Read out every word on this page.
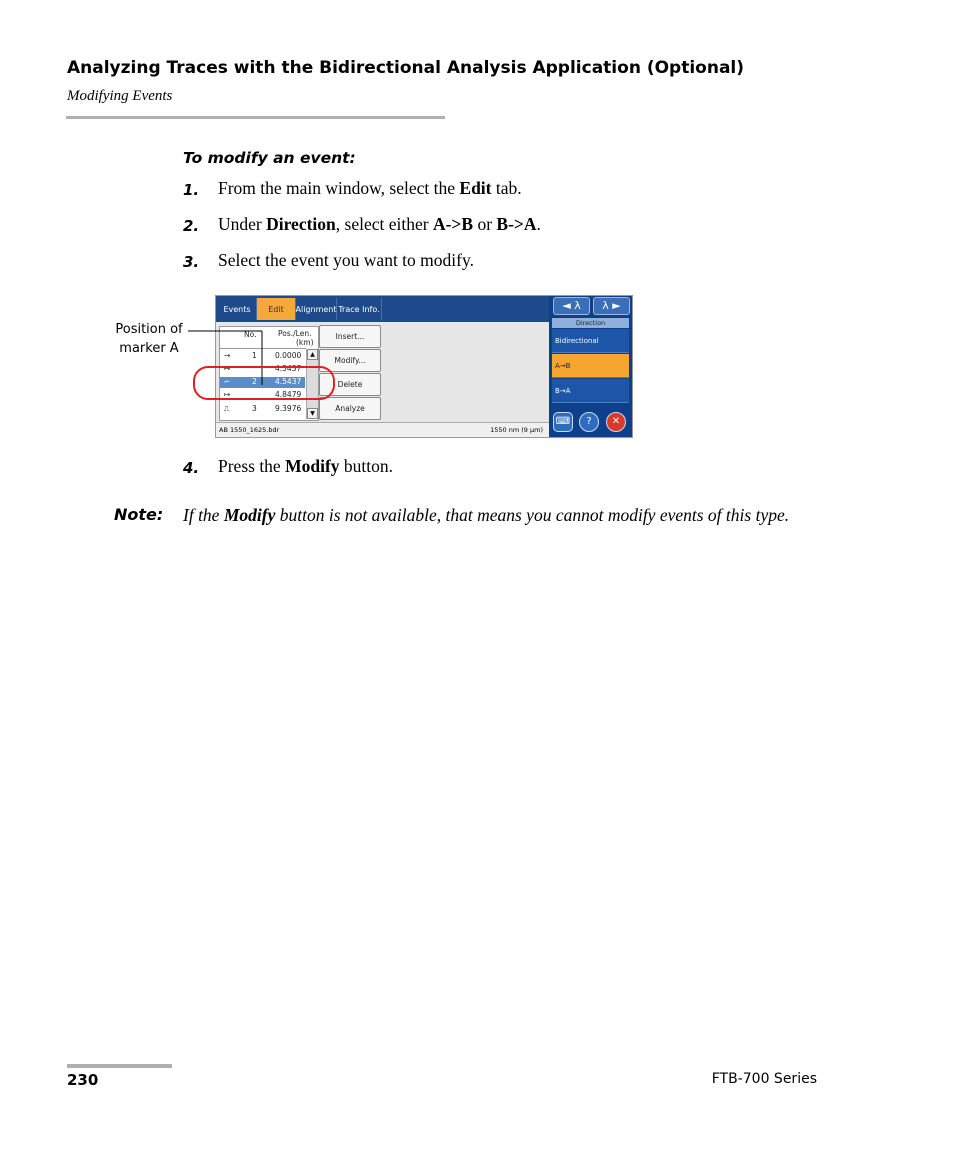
Analyzing Traces with the Bidirectional Analysis Application (Optional)
Modifying Events
To modify an event:
1. From the main window, select the Edit tab.
2. Under Direction, select either A->B or B->A.
3. Select the event you want to modify.
Position of
marker A
Events	Edit	Alignment Trace Info.
No.	Pos./Len.
(km)
→	1 0.0000
↦	4.5437
⌐	2 4.5437
↦	4.8479
⎍	3 9.3976
▲
▼
Insert...
Modify...
Delete
Analyze
AB 1550_1625.bdr	1550 nm (9 µm)
◄ λ	λ ►
Direction
Bidirectional
A→B
B→A
⌨	?	✕
4. Press the Modify button.
Note: If the Modify button is not available, that means you cannot modify events of this type.
230	FTB-700 Series
